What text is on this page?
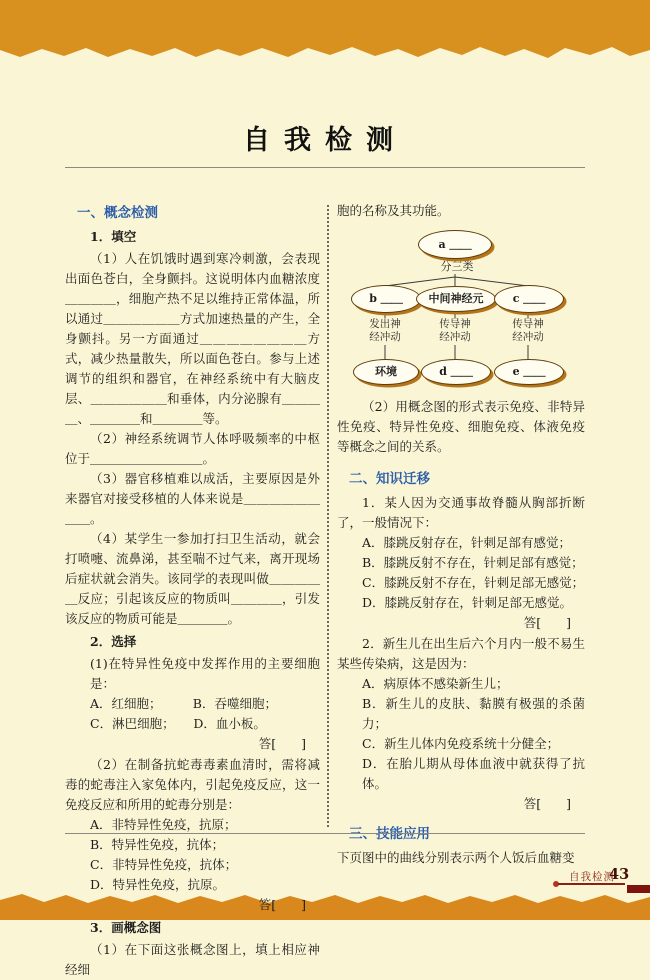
自我检测
一、概念检测
1．填空

（1）人在饥饿时遇到寒冷刺激，会表现出面色苍白，全身颤抖。这说明体内血糖浓度＿＿＿＿，细胞产热不足以维持正常体温，所以通过＿＿＿＿＿＿方式加速热量的产生，全身颤抖。另一方面通过＿＿＿＿＿＿＿＿方式，减少热量散失，所以面色苍白。参与上述调节的组织和器官，在神经系统中有大脑皮层、＿＿＿＿＿＿和垂体，内分泌腺有＿＿＿＿、＿＿＿＿和＿＿＿＿等。

（2）神经系统调节人体呼吸频率的中枢位于＿＿＿＿＿＿＿＿＿。

（3）器官移植难以成活，主要原因是外来器官对接受移植的人体来说是＿＿＿＿＿＿＿＿。

（4）某学生一参加打扫卫生活动，就会打喷嚏、流鼻涕，甚至喘不过气来，离开现场后症状就会消失。该同学的表现叫做＿＿＿＿＿反应；引起该反应的物质叫＿＿＿＿，引发该反应的物质可能是＿＿＿＿。

2．选择

(1)在特异性免疫中发挥作用的主要细胞是：

A．红细胞；　　　B．吞噬细胞；

C．淋巴细胞；　　D．血小板。

答[　　]

（2）在制备抗蛇毒毒素血清时，需将减毒的蛇毒注入家兔体内，引起免疫反应，这一免疫反应和所用的蛇毒分别是：

A．非特异性免疫，抗原；

B．特异性免疫，抗体；

C．非特异性免疫，抗体；

D．特异性免疫，抗原。

答[　　]

3．画概念图

（1）在下面这张概念图上，填上相应神经细

胞的名称及其功能。

a ＿＿
分三类
b ＿＿	中间神经元	c ＿＿
发出神经冲动
传导神经冲动
传导神经冲动
环境	d ＿＿	e ＿＿

（2）用概念图的形式表示免疫、非特异性免疫、特异性免疫、细胞免疫、体液免疫等概念之间的关系。

二、知识迁移

1．某人因为交通事故脊髓从胸部折断了，一般情况下：

A．膝跳反射存在，针刺足部有感觉；

B．膝跳反射不存在，针刺足部有感觉；

C．膝跳反射不存在，针刺足部无感觉；

D．膝跳反射存在，针刺足部无感觉。

答[　　]

2．新生儿在出生后六个月内一般不易生某些传染病，这是因为：

A．病原体不感染新生儿；

B．新生儿的皮肤、黏膜有极强的杀菌力；

C．新生儿体内免疫系统十分健全；

D．在胎儿期从母体血液中就获得了抗体。

答[　　]

三、技能应用

下页图中的曲线分别表示两个人饭后血糖变

自我检测
43
